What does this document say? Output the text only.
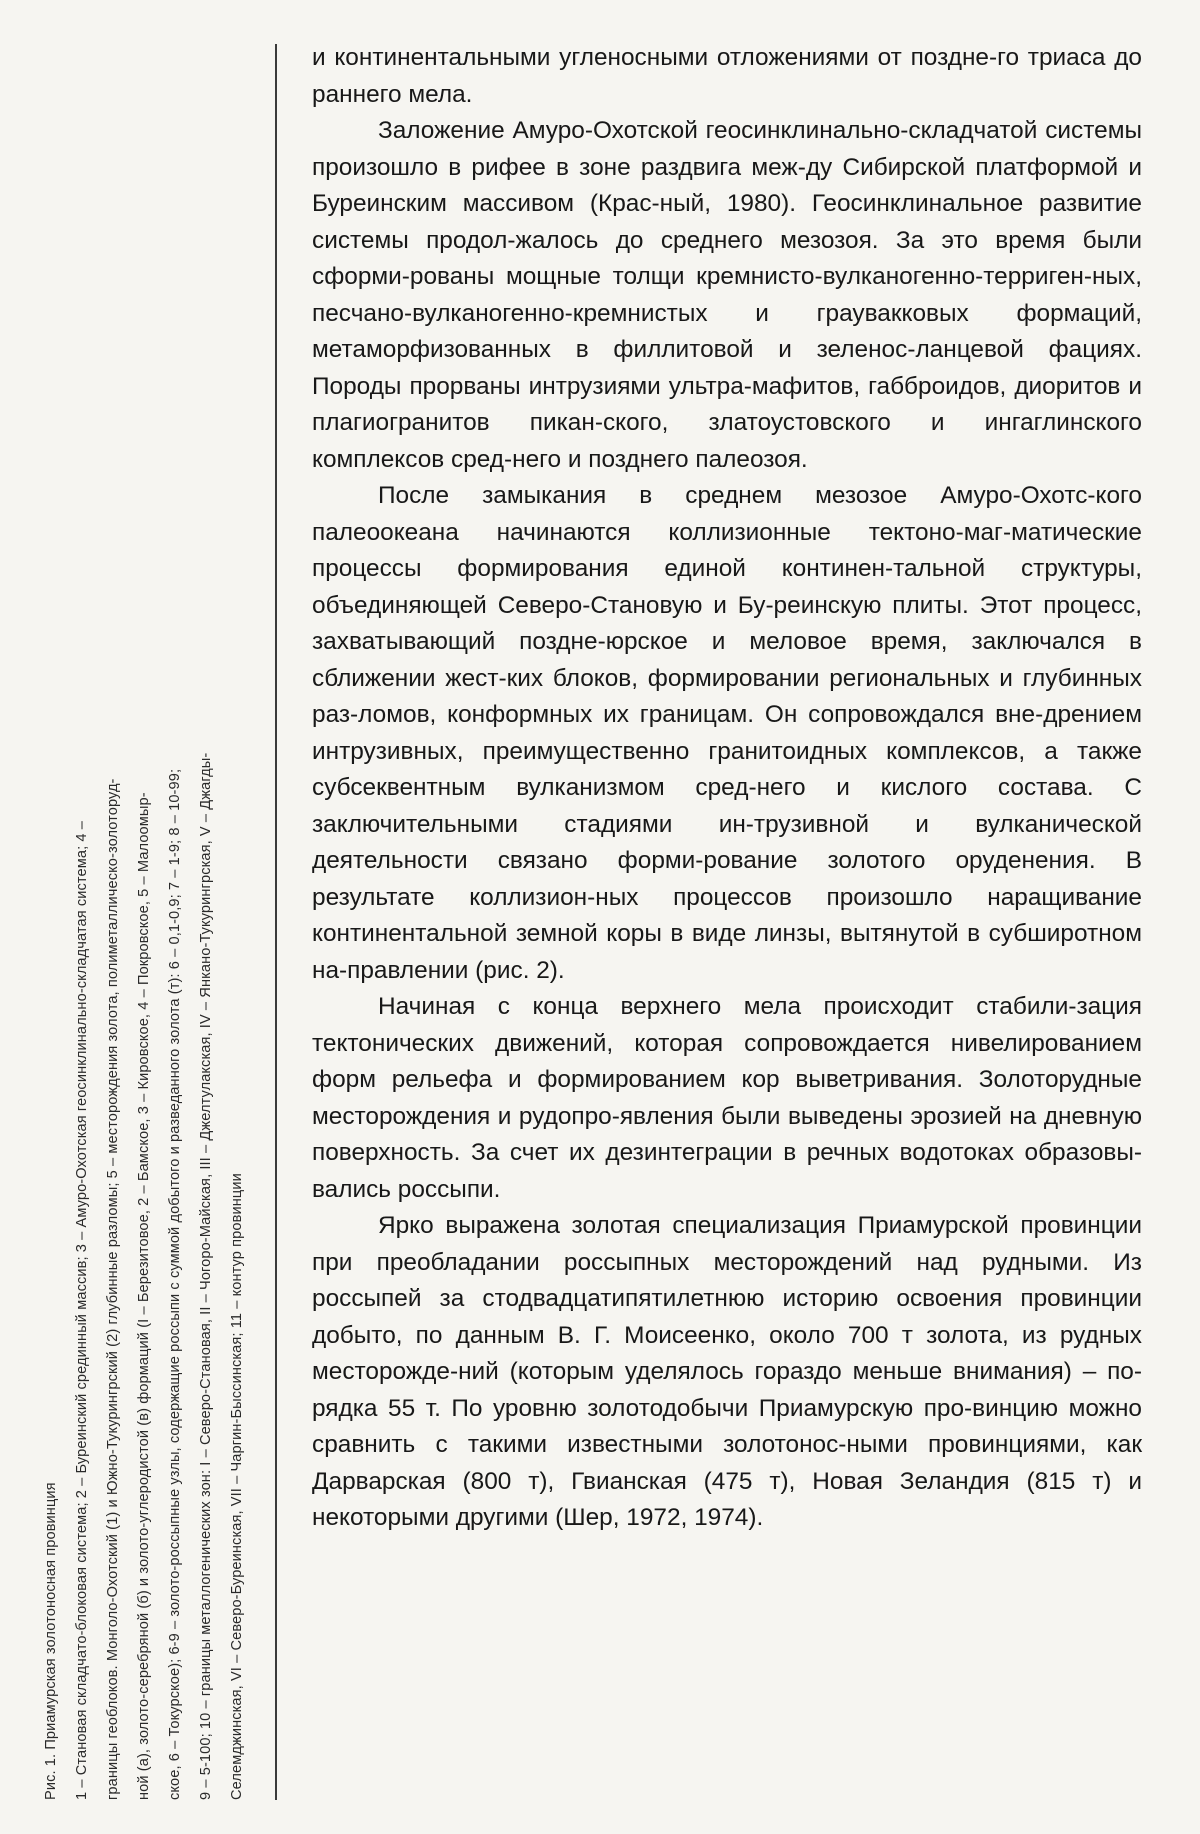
Рис. 1. Приамурская золотоносная провинция	1 – Становая складчато-блоковая система; 2 – Буреинский срединный массив; 3 – Амуро-Охотская геосинклинально-складчатая система; 4 –	границы геоблоков. Монголо-Охотский (1) и Южно-Тукурингрский (2) глубинные разломы; 5 – месторождения золота, полиметаллическо-золоторуд-	ной (а), золото-серебряной (б) и золото-углеродистой (в) формаций (I – Березитовое, 2 – Бамское, 3 – Кировское, 4 – Покровское, 5 – Малоомыр-	ское, 6 – Токурское); 6-9 – золото-россыпные узлы, содержащие россыпи с суммой добытого и разведанного золота (т): 6 – 0,1-0,9; 7 – 1-9; 8 – 10-99;	9 – 5-100; 10 – границы металлогенических зон: I – Северо-Становая, II – Чогоро-Майская, III – Джелтулакская, IV – Янкано-Тукурингрская, V – Джагды-	Селемджинская, VI – Северо-Буреинская, VII – Чаргин-Быссинская; 11 – контур провинции

и континентальными угленосными отложениями от поздне-го триаса до раннего мела.

Заложение Амуро-Охотской геосинклинально-складчатой системы произошло в рифее в зоне раздвига меж-ду Сибирской платформой и Буреинским массивом (Крас-ный, 1980). Геосинклинальное развитие системы продол-жалось до среднего мезозоя. За это время были сформи-рованы мощные толщи кремнисто-вулканогенно-терриген-ных, песчано-вулканогенно-кремнистых и граувакковых формаций, метаморфизованных в филлитовой и зеленос-ланцевой фациях. Породы прорваны интрузиями ультра-мафитов, габброидов, диоритов и плагиогранитов пикан-ского, златоустовского и ингаглинского комплексов сред-него и позднего палеозоя.

После замыкания в среднем мезозое Амуро-Охотс-кого палеоокеана начинаются коллизионные тектоно-маг-матические процессы формирования единой континен-тальной структуры, объединяющей Северо-Становую и Бу-реинскую плиты. Этот процесс, захватывающий поздне-юрское и меловое время, заключался в сближении жест-ких блоков, формировании региональных и глубинных раз-ломов, конформных их границам. Он сопровождался вне-дрением интрузивных, преимущественно гранитоидных комплексов, а также субсеквентным вулканизмом сред-него и кислого состава. С заключительными стадиями ин-трузивной и вулканической деятельности связано форми-рование золотого оруденения. В результате коллизион-ных процессов произошло наращивание континентальной земной коры в виде линзы, вытянутой в субширотном на-правлении (рис. 2).

Начиная с конца верхнего мела происходит стабили-зация тектонических движений, которая сопровождается нивелированием форм рельефа и формированием кор выветривания. Золоторудные месторождения и рудопро-явления были выведены эрозией на дневную поверхность. За счет их дезинтеграции в речных водотоках образовы-вались россыпи.

Ярко выражена золотая специализация Приамурской провинции при преобладании россыпных месторождений над рудными. Из россыпей за стодвадцатипятилетнюю историю освоения провинции добыто, по данным В. Г. Моисеенко, около 700 т золота, из рудных месторожде-ний (которым уделялось гораздо меньше внимания) – по-рядка 55 т. По уровню золотодобычи Приамурскую про-винцию можно сравнить с такими известными золотонос-ными провинциями, как Дарварская (800 т), Гвианская (475 т), Новая Зеландия (815 т) и некоторыми другими (Шер, 1972, 1974).
